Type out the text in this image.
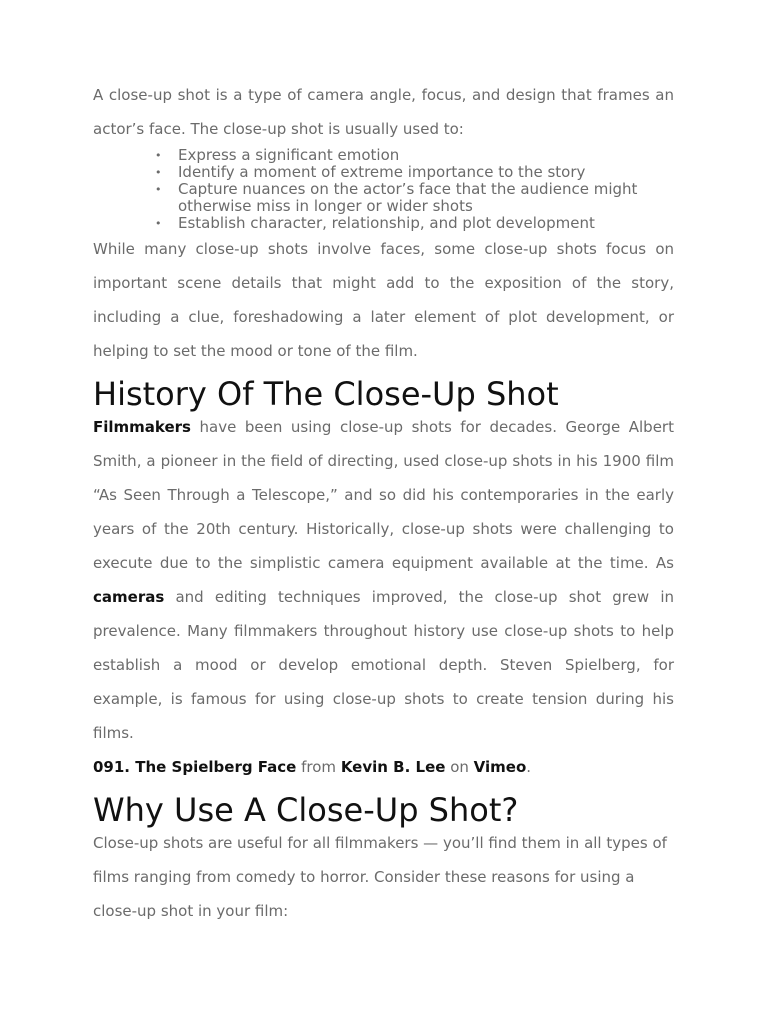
A close-up shot is a type of camera angle, focus, and design that frames an actor’s face. The close-up shot is usually used to:

• Express a significant emotion
• Identify a moment of extreme importance to the story
• Capture nuances on the actor’s face that the audience might otherwise miss in longer or wider shots
• Establish character, relationship, and plot development

While many close-up shots involve faces, some close-up shots focus on important scene details that might add to the exposition of the story, including a clue, foreshadowing a later element of plot development, or helping to set the mood or tone of the film.

History Of The Close-Up Shot

Filmmakers have been using close-up shots for decades. George Albert Smith, a pioneer in the field of directing, used close-up shots in his 1900 film “As Seen Through a Telescope,” and so did his contemporaries in the early years of the 20th century. Historically, close-up shots were challenging to execute due to the simplistic camera equipment available at the time. As cameras and editing techniques improved, the close-up shot grew in prevalence. Many filmmakers throughout history use close-up shots to help establish a mood or develop emotional depth. Steven Spielberg, for example, is famous for using close-up shots to create tension during his films.

091. The Spielberg Face from Kevin B. Lee on Vimeo.

Why Use A Close-Up Shot?

Close-up shots are useful for all filmmakers — you’ll find them in all types of films ranging from comedy to horror. Consider these reasons for using a close-up shot in your film:
